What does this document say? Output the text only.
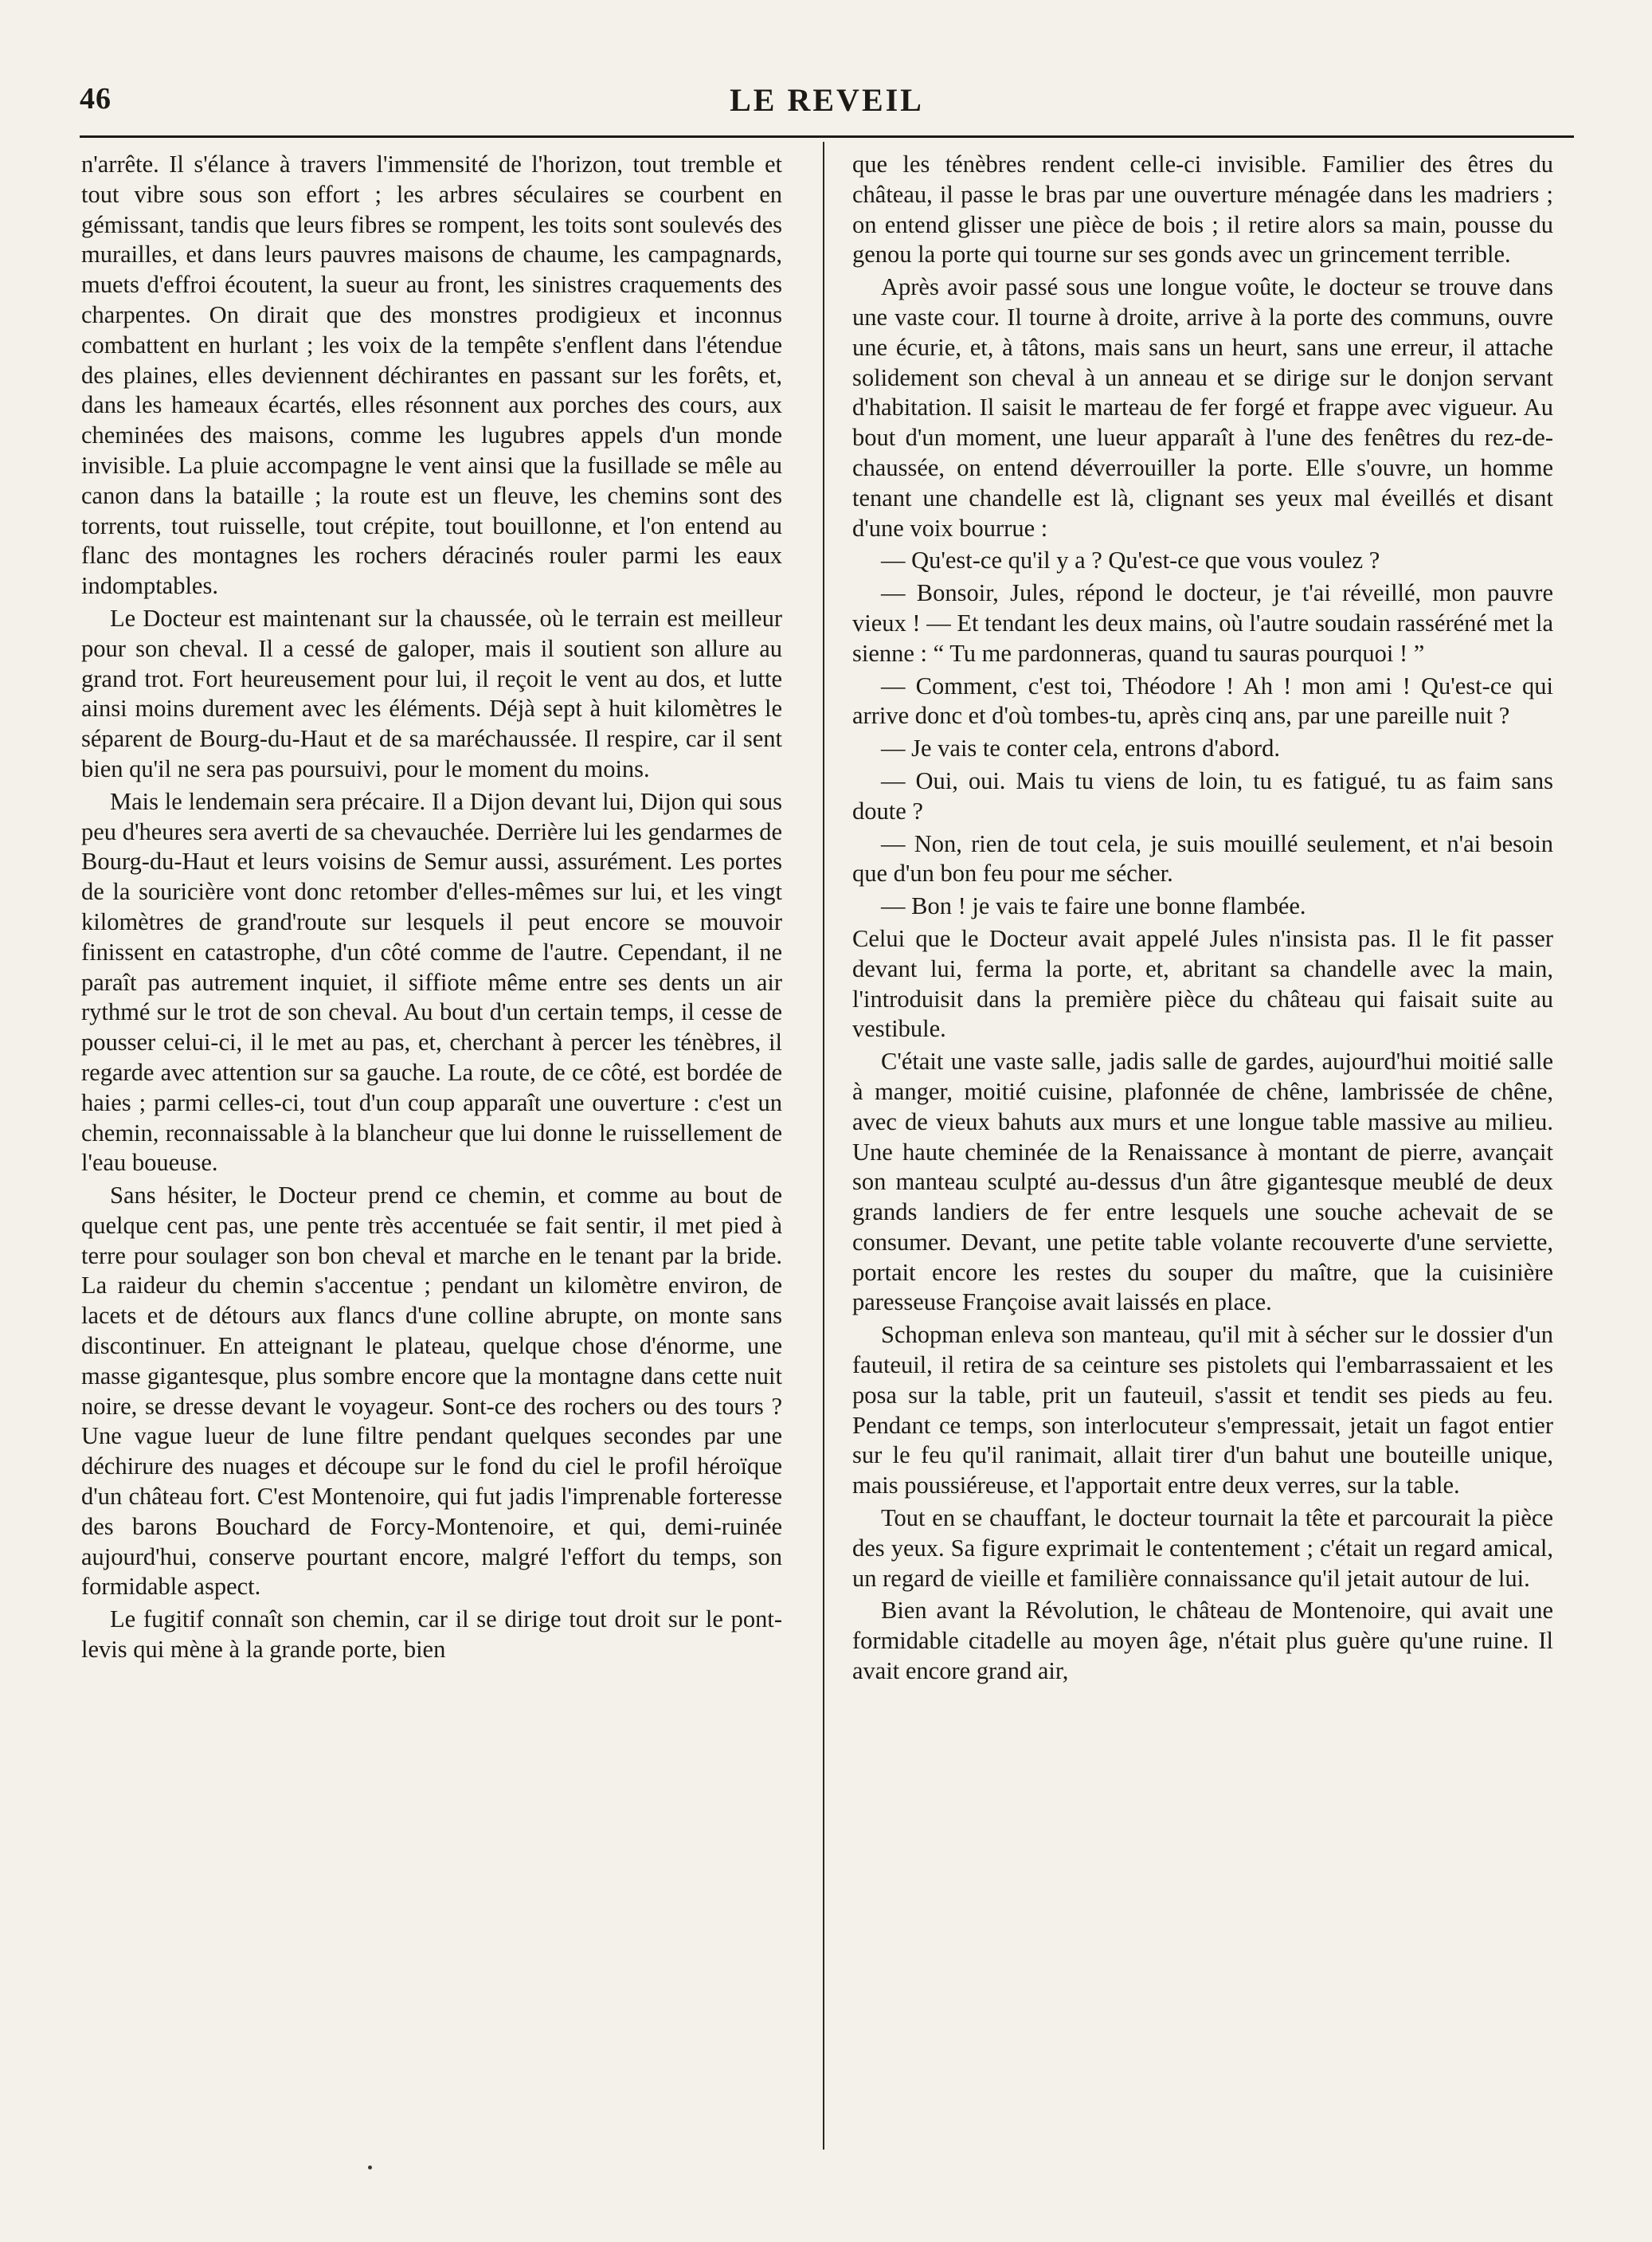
46	LE REVEIL

n'arrête. Il s'élance à travers l'immensité de l'horizon, tout tremble et tout vibre sous son effort ; les arbres séculaires se courbent en gémissant, tandis que leurs fibres se rompent, les toits sont soulevés des murailles, et dans leurs pauvres maisons de chaume, les campagnards, muets d'effroi écoutent, la sueur au front, les sinistres craquements des charpentes. On dirait que des monstres prodigieux et inconnus combattent en hurlant ; les voix de la tempête s'enflent dans l'étendue des plaines, elles deviennent déchirantes en passant sur les forêts, et, dans les hameaux écartés, elles résonnent aux porches des cours, aux cheminées des maisons, comme les lugubres appels d'un monde invisible. La pluie accompagne le vent ainsi que la fusillade se mêle au canon dans la bataille ; la route est un fleuve, les chemins sont des torrents, tout ruisselle, tout crépite, tout bouillonne, et l'on entend au flanc des montagnes les rochers déracinés rouler parmi les eaux indomptables.

Le Docteur est maintenant sur la chaussée, où le terrain est meilleur pour son cheval. Il a cessé de galoper, mais il soutient son allure au grand trot. Fort heureusement pour lui, il reçoit le vent au dos, et lutte ainsi moins durement avec les éléments. Déjà sept à huit kilomètres le séparent de Bourg-du-Haut et de sa maréchaussée. Il respire, car il sent bien qu'il ne sera pas poursuivi, pour le moment du moins.

Mais le lendemain sera précaire. Il a Dijon devant lui, Dijon qui sous peu d'heures sera averti de sa chevauchée. Derrière lui les gendarmes de Bourg-du-Haut et leurs voisins de Semur aussi, assurément. Les portes de la souricière vont donc retomber d'elles-mêmes sur lui, et les vingt kilomètres de grand'route sur lesquels il peut encore se mouvoir finissent en catastrophe, d'un côté comme de l'autre. Cependant, il ne paraît pas autrement inquiet, il siffiote même entre ses dents un air rythmé sur le trot de son cheval. Au bout d'un certain temps, il cesse de pousser celui-ci, il le met au pas, et, cherchant à percer les ténèbres, il regarde avec attention sur sa gauche. La route, de ce côté, est bordée de haies ; parmi celles-ci, tout d'un coup apparaît une ouverture : c'est un chemin, reconnaissable à la blancheur que lui donne le ruissellement de l'eau boueuse.

Sans hésiter, le Docteur prend ce chemin, et comme au bout de quelque cent pas, une pente très accentuée se fait sentir, il met pied à terre pour soulager son bon cheval et marche en le tenant par la bride. La raideur du chemin s'accentue ; pendant un kilomètre environ, de lacets et de détours aux flancs d'une colline abrupte, on monte sans discontinuer. En atteignant le plateau, quelque chose d'énorme, une masse gigantesque, plus sombre encore que la montagne dans cette nuit noire, se dresse devant le voyageur. Sont-ce des rochers ou des tours ? Une vague lueur de lune filtre pendant quelques secondes par une déchirure des nuages et découpe sur le fond du ciel le profil héroïque d'un château fort. C'est Montenoire, qui fut jadis l'imprenable forteresse des barons Bouchard de Forcy-Montenoire, et qui, demi-ruinée aujourd'hui, conserve pourtant encore, malgré l'effort du temps, son formidable aspect.

Le fugitif connaît son chemin, car il se dirige tout droit sur le pont-levis qui mène à la grande porte, bien

que les ténèbres rendent celle-ci invisible. Familier des êtres du château, il passe le bras par une ouverture ménagée dans les madriers ; on entend glisser une pièce de bois ; il retire alors sa main, pousse du genou la porte qui tourne sur ses gonds avec un grincement terrible.

Après avoir passé sous une longue voûte, le docteur se trouve dans une vaste cour. Il tourne à droite, arrive à la porte des communs, ouvre une écurie, et, à tâtons, mais sans un heurt, sans une erreur, il attache solidement son cheval à un anneau et se dirige sur le donjon servant d'habitation. Il saisit le marteau de fer forgé et frappe avec vigueur. Au bout d'un moment, une lueur apparaît à l'une des fenêtres du rez-de-chaussée, on entend déverrouiller la porte. Elle s'ouvre, un homme tenant une chandelle est là, clignant ses yeux mal éveillés et disant d'une voix bourrue :

— Qu'est-ce qu'il y a ? Qu'est-ce que vous voulez ?

— Bonsoir, Jules, répond le docteur, je t'ai réveillé, mon pauvre vieux ! — Et tendant les deux mains, où l'autre soudain rasséréné met la sienne : “ Tu me pardonneras, quand tu sauras pourquoi ! ”

— Comment, c'est toi, Théodore ! Ah ! mon ami ! Qu'est-ce qui arrive donc et d'où tombes-tu, après cinq ans, par une pareille nuit ?

— Je vais te conter cela, entrons d'abord.

— Oui, oui. Mais tu viens de loin, tu es fatigué, tu as faim sans doute ?

— Non, rien de tout cela, je suis mouillé seulement, et n'ai besoin que d'un bon feu pour me sécher.

— Bon ! je vais te faire une bonne flambée.

Celui que le Docteur avait appelé Jules n'insista pas. Il le fit passer devant lui, ferma la porte, et, abritant sa chandelle avec la main, l'introduisit dans la première pièce du château qui faisait suite au vestibule.

C'était une vaste salle, jadis salle de gardes, aujourd'hui moitié salle à manger, moitié cuisine, plafonnée de chêne, lambrissée de chêne, avec de vieux bahuts aux murs et une longue table massive au milieu. Une haute cheminée de la Renaissance à montant de pierre, avançait son manteau sculpté au-dessus d'un âtre gigantesque meublé de deux grands landiers de fer entre lesquels une souche achevait de se consumer. Devant, une petite table volante recouverte d'une serviette, portait encore les restes du souper du maître, que la cuisinière paresseuse Françoise avait laissés en place.

Schopman enleva son manteau, qu'il mit à sécher sur le dossier d'un fauteuil, il retira de sa ceinture ses pistolets qui l'embarrassaient et les posa sur la table, prit un fauteuil, s'assit et tendit ses pieds au feu. Pendant ce temps, son interlocuteur s'empressait, jetait un fagot entier sur le feu qu'il ranimait, allait tirer d'un bahut une bouteille unique, mais poussiéreuse, et l'apportait entre deux verres, sur la table.

Tout en se chauffant, le docteur tournait la tête et parcourait la pièce des yeux. Sa figure exprimait le contentement ; c'était un regard amical, un regard de vieille et familière connaissance qu'il jetait autour de lui.

Bien avant la Révolution, le château de Montenoire, qui avait une formidable citadelle au moyen âge, n'était plus guère qu'une ruine. Il avait encore grand air,
